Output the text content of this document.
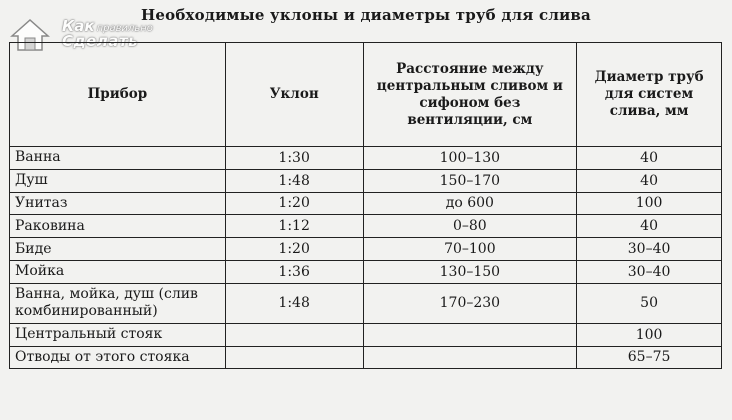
Необходимые уклоны и диаметры труб для слива
Как правильно
Сделать
Прибор	Уклон	Расстояние между центральным сливом и сифоном без вентиляции, см	Диаметр труб для систем слива, мм
Ванна	1:30	100–130	40
Душ	1:48	150–170	40
Унитаз	1:20	до 600	100
Раковина	1:12	0–80	40
Биде	1:20	70–100	30–40
Мойка	1:36	130–150	30–40
Ванна, мойка, душ (слив комбинированный)	1:48	170–230	50
Центральный стояк			100
Отводы от этого стояка			65–75
